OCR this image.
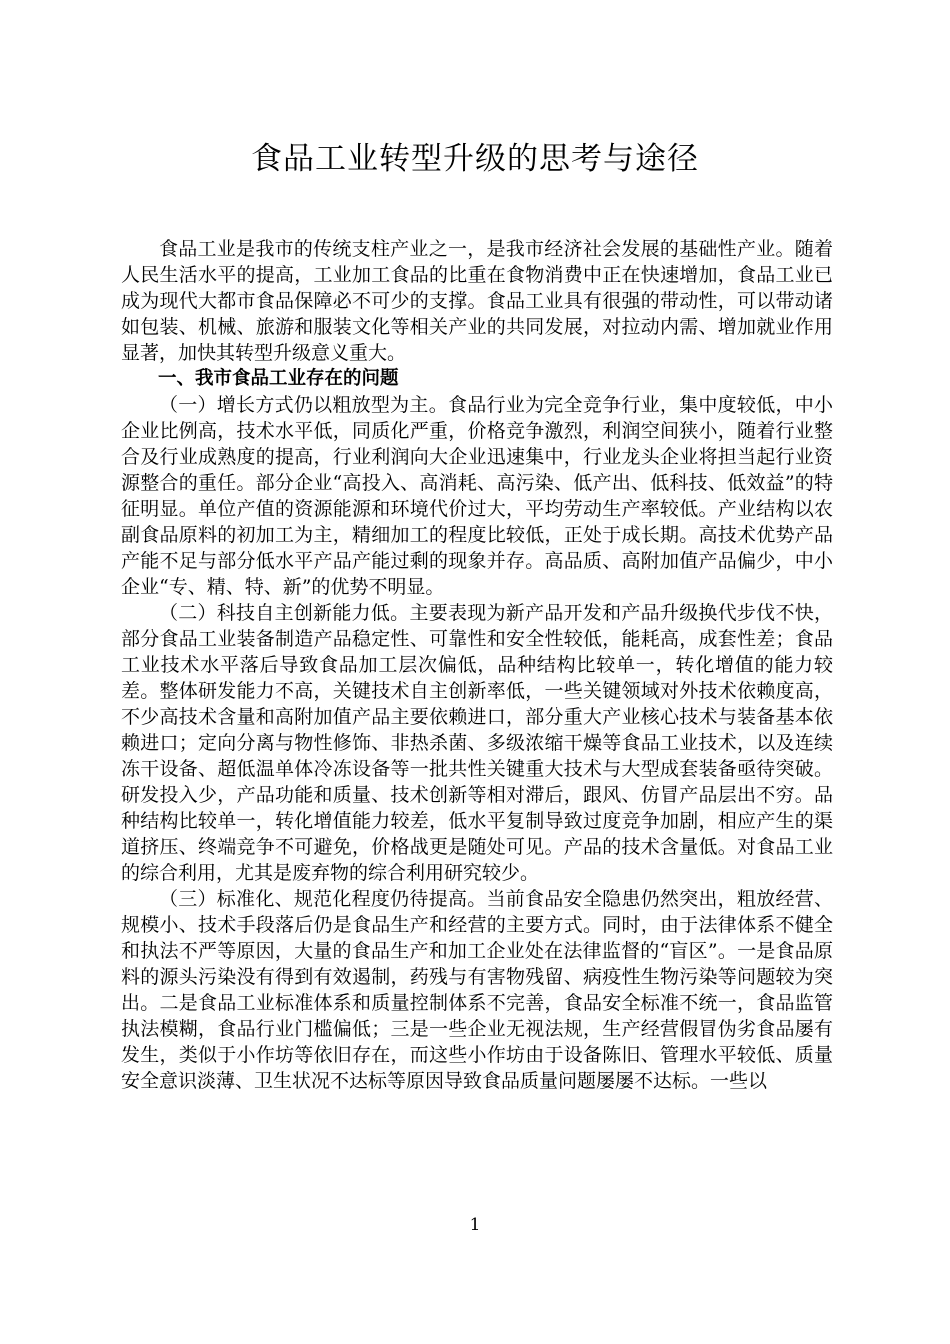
食品工业转型升级的思考与途径

食品工业是我市的传统支柱产业之一，是我市经济社会发展的基础性产业。随着人民生活水平的提高，工业加工食品的比重在食物消费中正在快速增加，食品工业已成为现代大都市食品保障必不可少的支撑。食品工业具有很强的带动性，可以带动诸如包装、机械、旅游和服装文化等相关产业的共同发展，对拉动内需、增加就业作用显著，加快其转型升级意义重大。

一、我市食品工业存在的问题

（一）增长方式仍以粗放型为主。食品行业为完全竞争行业，集中度较低，中小企业比例高，技术水平低，同质化严重，价格竞争激烈，利润空间狭小，随着行业整合及行业成熟度的提高，行业利润向大企业迅速集中，行业龙头企业将担当起行业资源整合的重任。部分企业“高投入、高消耗、高污染、低产出、低科技、低效益”的特征明显。单位产值的资源能源和环境代价过大，平均劳动生产率较低。产业结构以农副食品原料的初加工为主，精细加工的程度比较低，正处于成长期。高技术优势产品产能不足与部分低水平产品产能过剩的现象并存。高品质、高附加值产品偏少，中小企业“专、精、特、新”的优势不明显。

（二）科技自主创新能力低。主要表现为新产品开发和产品升级换代步伐不快，部分食品工业装备制造产品稳定性、可靠性和安全性较低，能耗高，成套性差；食品工业技术水平落后导致食品加工层次偏低，品种结构比较单一，转化增值的能力较差。整体研发能力不高，关键技术自主创新率低，一些关键领域对外技术依赖度高，不少高技术含量和高附加值产品主要依赖进口，部分重大产业核心技术与装备基本依赖进口；定向分离与物性修饰、非热杀菌、多级浓缩干燥等食品工业技术，以及连续冻干设备、超低温单体冷冻设备等一批共性关键重大技术与大型成套装备亟待突破。研发投入少，产品功能和质量、技术创新等相对滞后，跟风、仿冒产品层出不穷。品种结构比较单一，转化增值能力较差，低水平复制导致过度竞争加剧，相应产生的渠道挤压、终端竞争不可避免，价格战更是随处可见。产品的技术含量低。对食品工业的综合利用，尤其是废弃物的综合利用研究较少。

（三）标准化、规范化程度仍待提高。当前食品安全隐患仍然突出，粗放经营、规模小、技术手段落后仍是食品生产和经营的主要方式。同时，由于法律体系不健全和执法不严等原因，大量的食品生产和加工企业处在法律监督的“盲区”。一是食品原料的源头污染没有得到有效遏制，药残与有害物残留、病疫性生物污染等问题较为突出。二是食品工业标准体系和质量控制体系不完善，食品安全标准不统一，食品监管执法模糊，食品行业门槛偏低；三是一些企业无视法规，生产经营假冒伪劣食品屡有发生，类似于小作坊等依旧存在，而这些小作坊由于设备陈旧、管理水平较低、质量安全意识淡薄、卫生状况不达标等原因导致食品质量问题屡屡不达标。一些以

1
